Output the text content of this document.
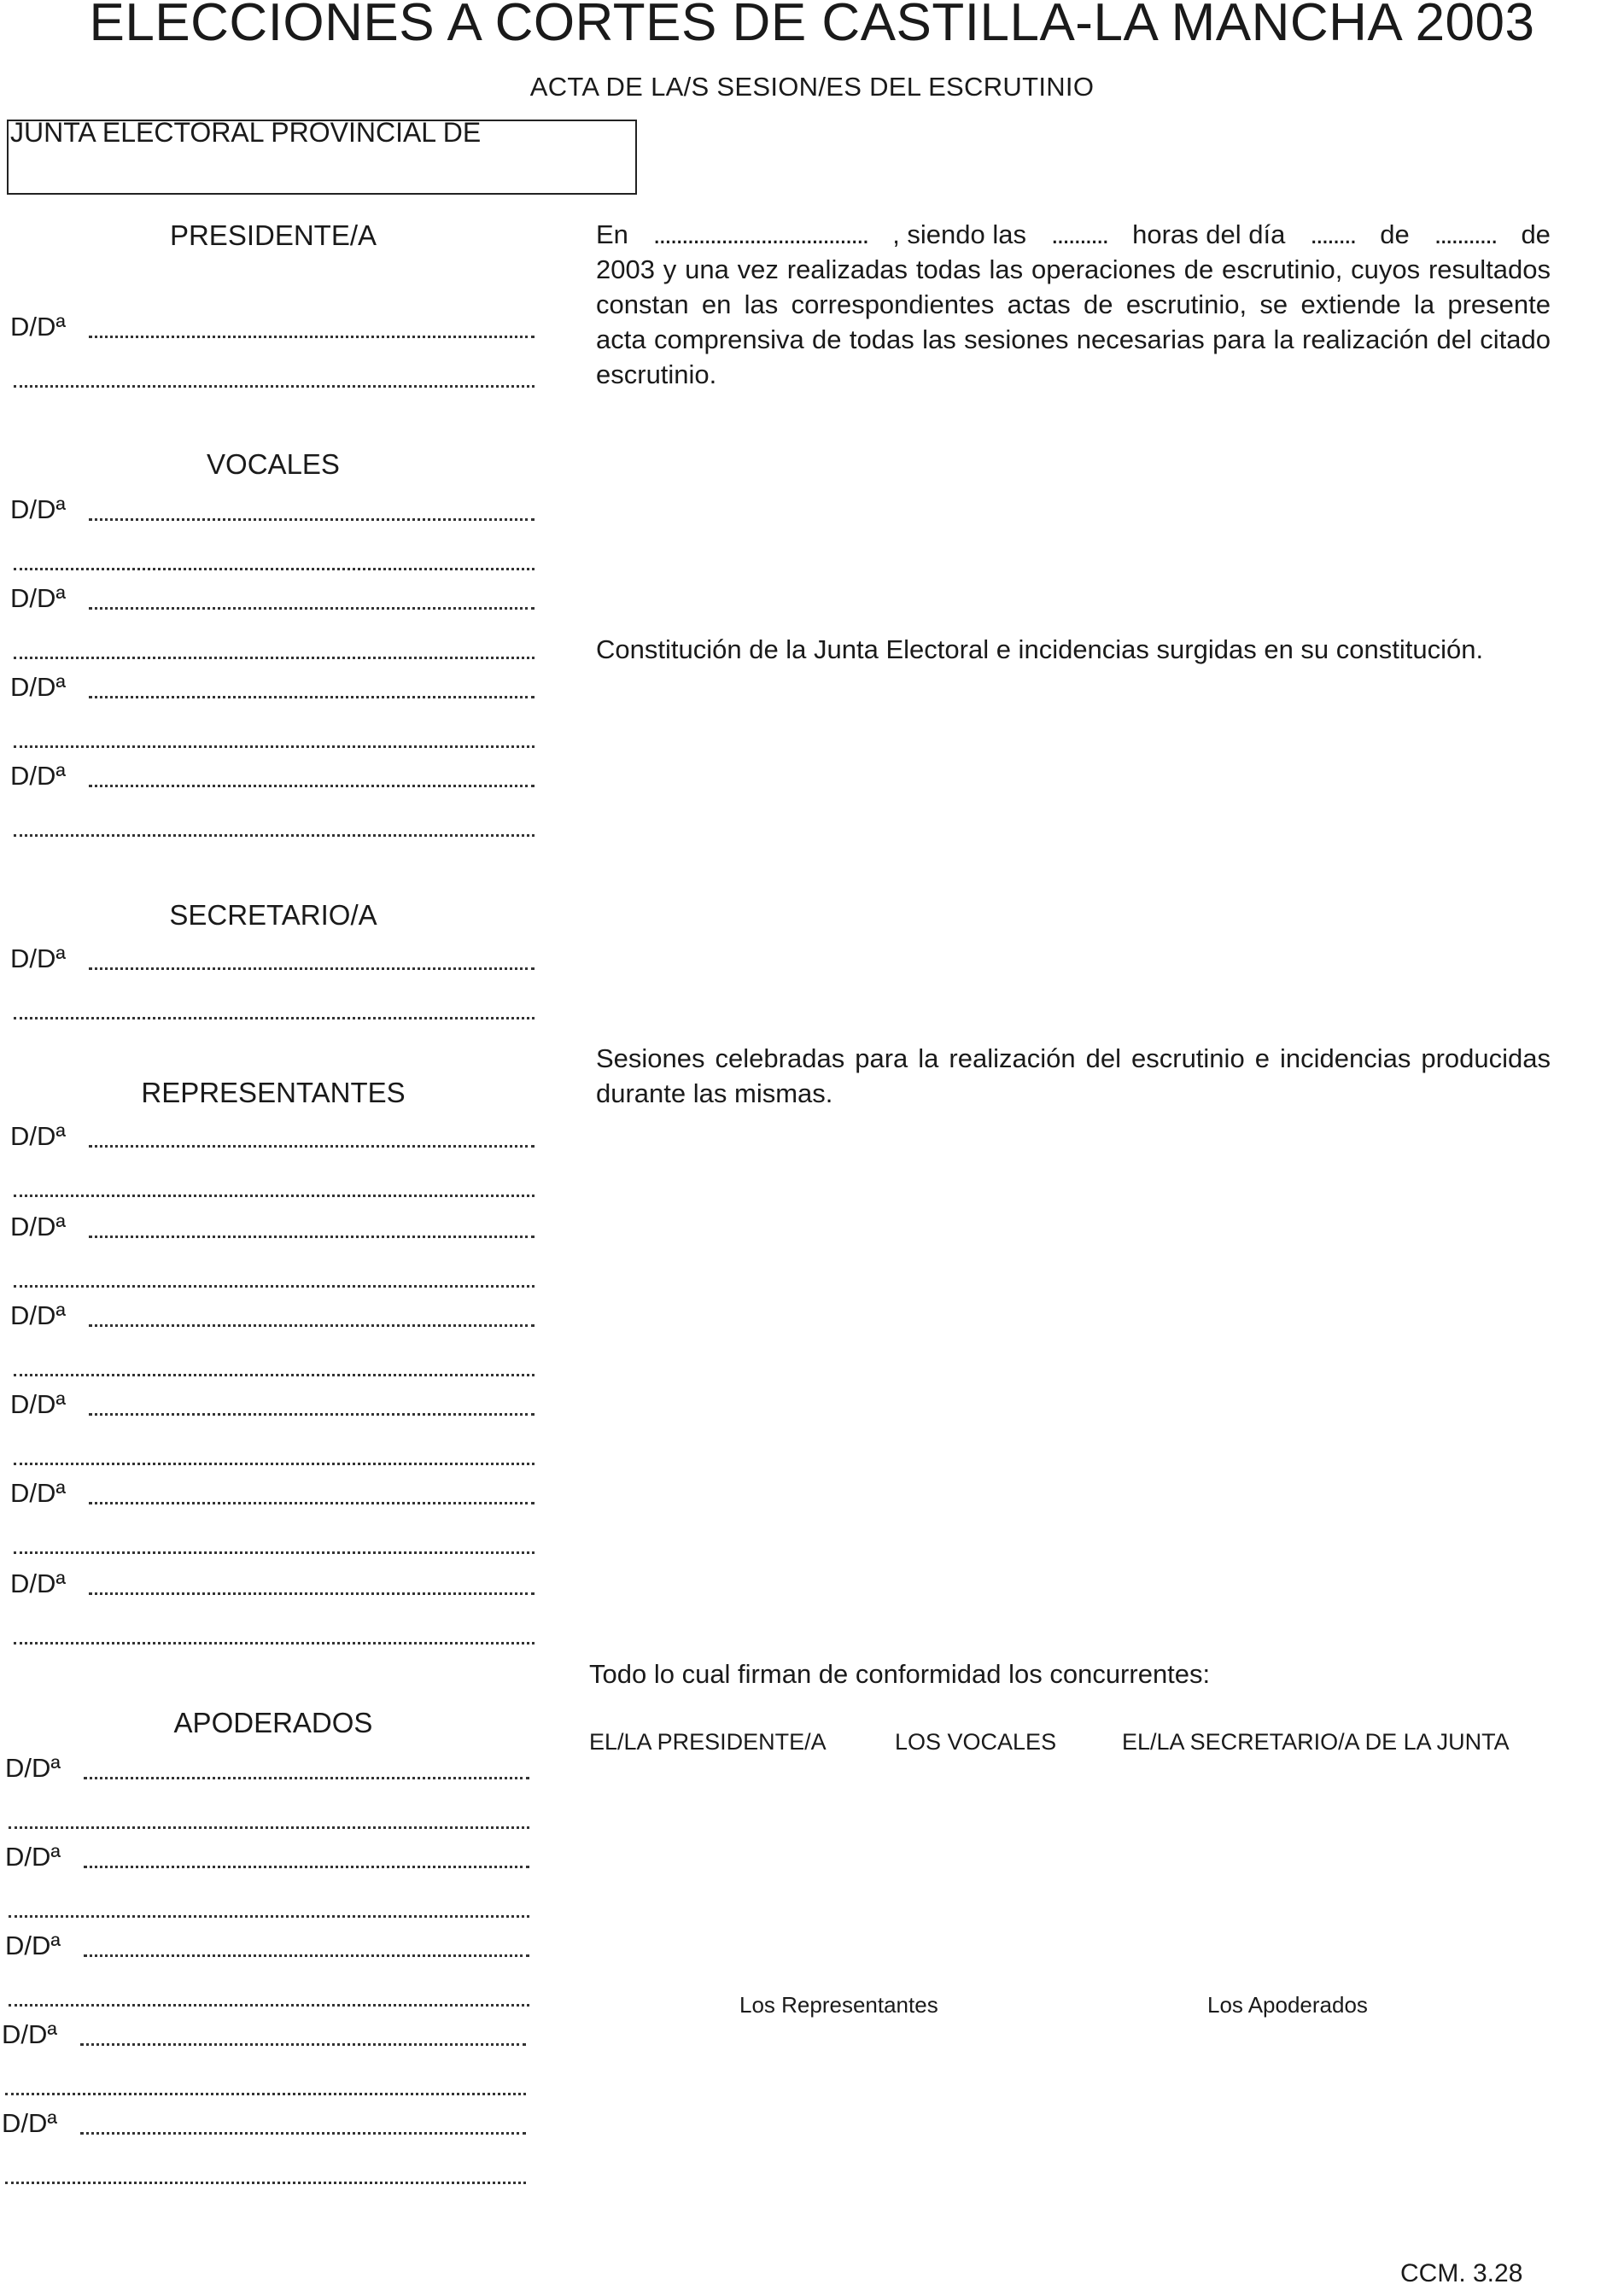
ELECCIONES A CORTES DE CASTILLA-LA MANCHA 2003
ACTA DE LA/S SESION/ES DEL ESCRUTINIO
JUNTA ELECTORAL PROVINCIAL DE
PRESIDENTE/A
D/Dª
VOCALES
D/Dª
D/Dª
D/Dª
D/Dª
SECRETARIO/A
D/Dª
REPRESENTANTES
D/Dª
D/Dª
D/Dª
D/Dª
D/Dª
D/Dª
APODERADOS
D/Dª
D/Dª
D/Dª
D/Dª
D/Dª
En ...................................... , siendo las .......... horas del día ........ de ........... de
2003 y una vez realizadas todas las operaciones de escrutinio, cuyos resultados constan en las correspondientes actas de escrutinio, se extiende la presente acta comprensiva de todas las sesiones necesarias para la realización del citado escrutinio.
Constitución de la Junta Electoral e incidencias surgidas en su constitución.
Sesiones celebradas para la realización del escrutinio e incidencias producidas durante las mismas.
Todo lo cual firman de conformidad los concurrentes:
EL/LA PRESIDENTE/A	LOS VOCALES	EL/LA SECRETARIO/A DE LA JUNTA
Los Representantes	Los Apoderados
CCM. 3.28
